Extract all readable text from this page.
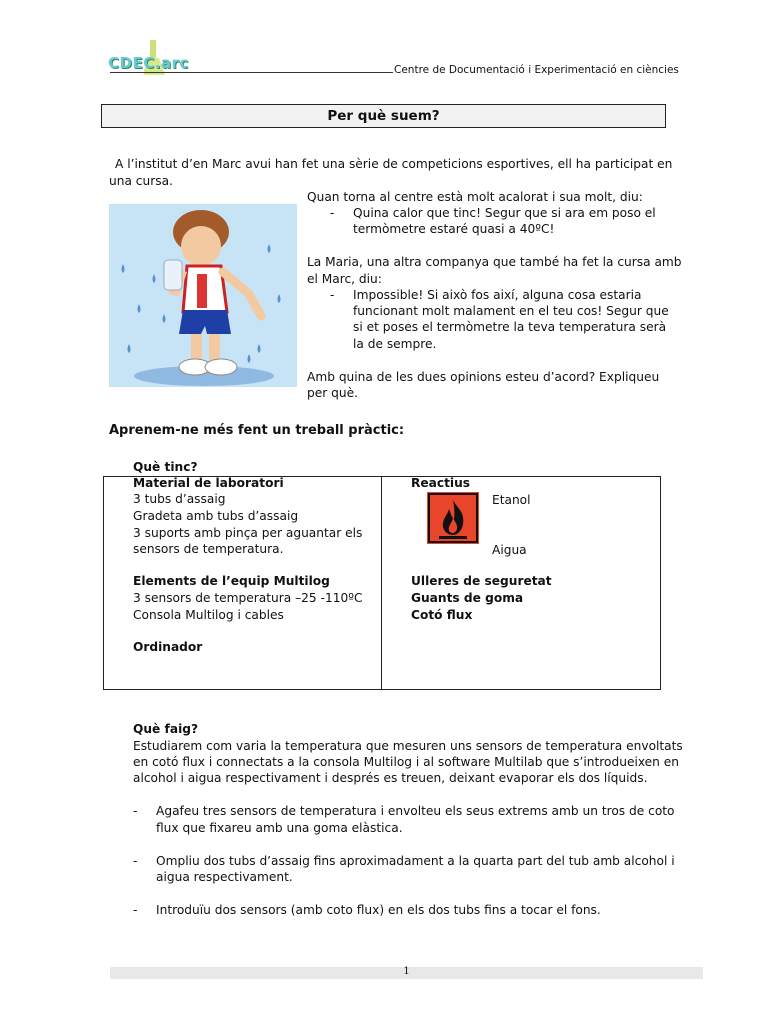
CDEC.arc	Centre de Documentació i Experimentació en ciències
Per què suem?
A l’institut d’en Marc avui han fet una sèrie de competicions esportives, ell ha participat en
una cursa.
Quan torna al centre està molt acalorat i sua molt, diu:
- Quina calor que tinc! Segur que si ara em poso el
termòmetre estaré quasi a 40ºC!
La Maria, una altra companya que també ha fet la cursa amb
el Marc, diu:
- Impossible! Si això fos així, alguna cosa estaria
funcionant molt malament en el teu cos! Segur que
si et poses el termòmetre la teva temperatura serà
la de sempre.
Amb quina de les dues opinions esteu d’acord? Expliqueu
per què.
Aprenem-ne més fent un treball pràctic:
Què tinc?
Material de laboratori
3 tubs d’assaig
Gradeta amb tubs d’assaig
3 suports amb pinça per aguantar els
sensors de temperatura.
Elements de l’equip Multilog
3 sensors de temperatura –25 -110ºC
Consola Multilog i cables
Ordinador
Reactius
Etanol
Aigua
Ulleres de seguretat
Guants de goma
Cotó flux
Què faig?
Estudiarem com varia la temperatura que mesuren uns sensors de temperatura envoltats
en cotó flux i connectats a la consola Multilog i al software Multilab que s’introdueixen en
alcohol i aigua respectivament i després es treuen, deixant evaporar els dos líquids.
- Agafeu tres sensors de temperatura i envolteu els seus extrems amb un tros de coto
flux que fixareu amb una goma elàstica.
- Ompliu dos tubs d’assaig fins aproximadament a la quarta part del tub amb alcohol i
aigua respectivament.
- Introduïu dos sensors (amb coto flux) en els dos tubs fins a tocar el fons.
1
